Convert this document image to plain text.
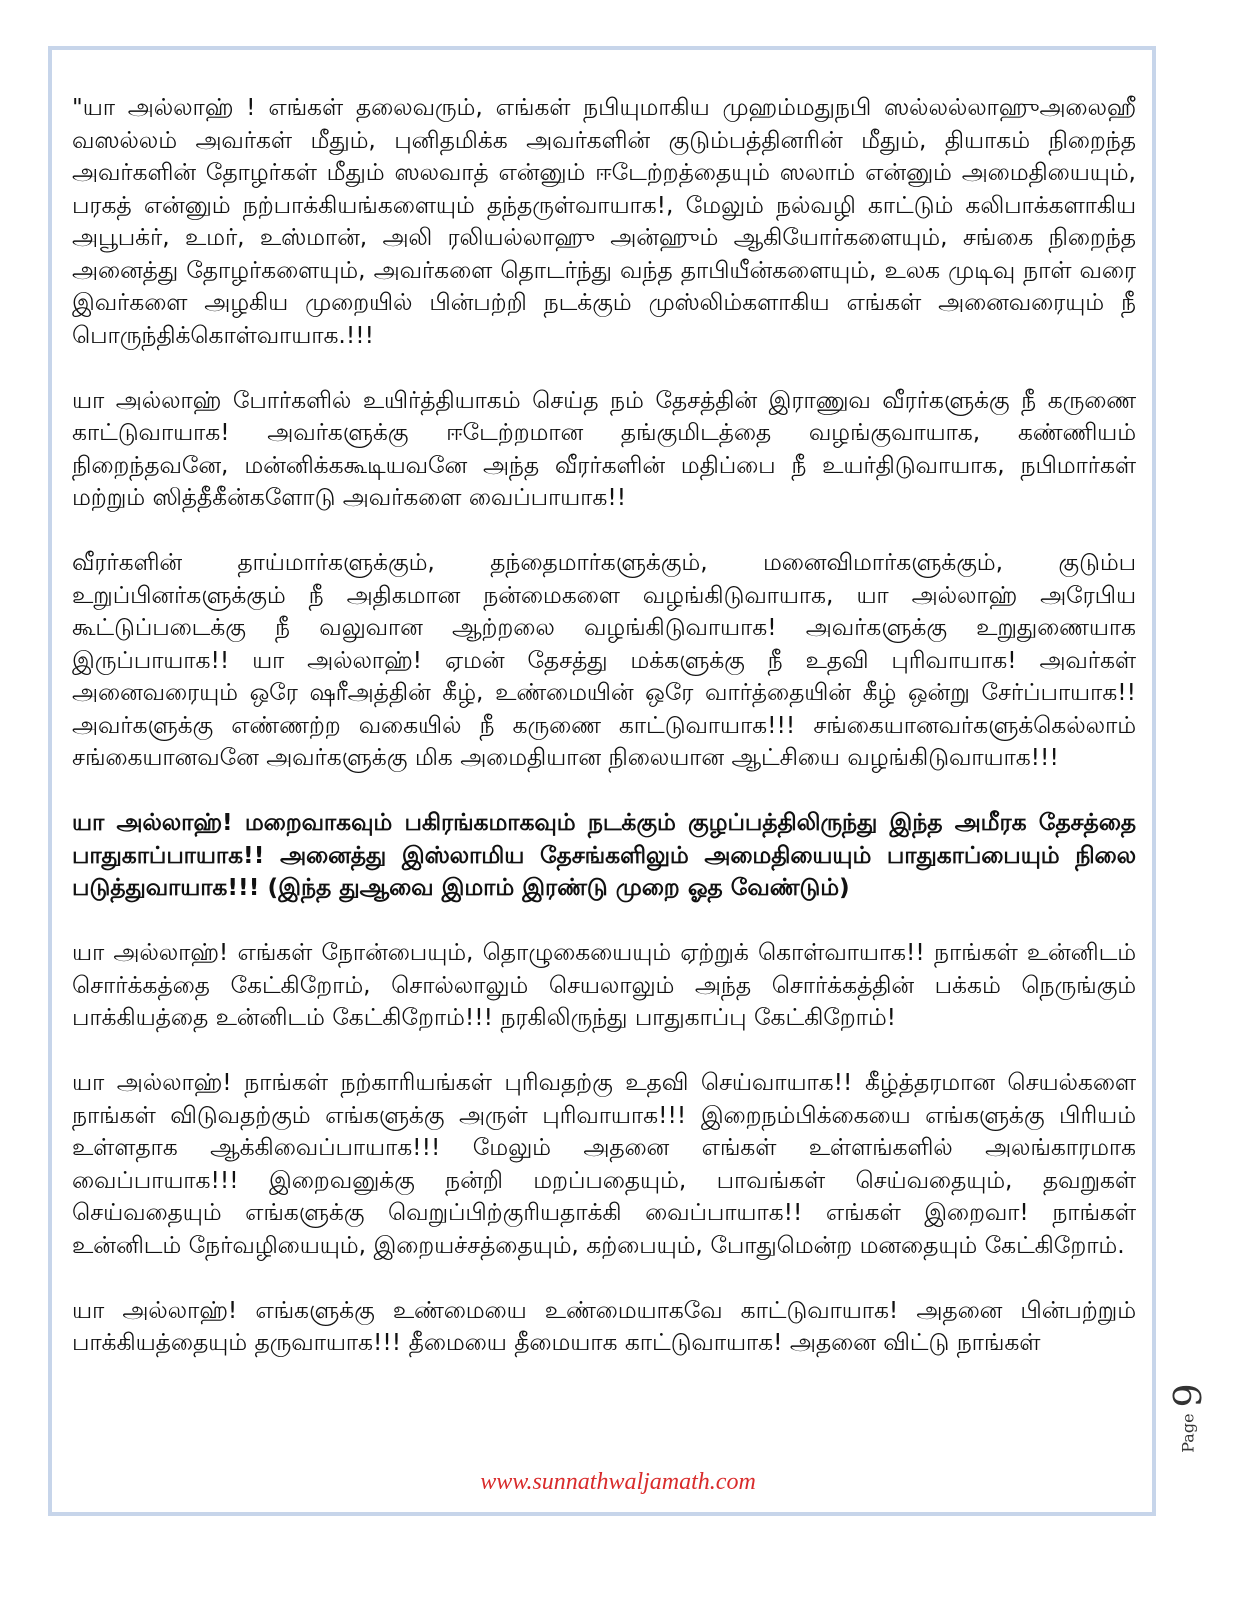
"யா அல்லாஹ் ! எங்கள் தலைவரும், எங்கள் நபியுமாகிய முஹம்மதுநபி ஸல்லல்லாஹுஅலைஹீ வஸல்லம் அவர்கள் மீதும், புனிதமிக்க அவர்களின் குடும்பத்தினரின் மீதும், தியாகம் நிறைந்த அவர்களின் தோழர்கள் மீதும் ஸலவாத் என்னும் ஈடேற்றத்தையும் ஸலாம் என்னும் அமைதியையும், பரகத் என்னும் நற்பாக்கியங்களையும் தந்தருள்வாயாக!, மேலும் நல்வழி காட்டும் கலிபாக்களாகிய அபூபக்ர், உமர், உஸ்மான், அலி ரலியல்லாஹு அன்ஹும் ஆகியோர்களையும், சங்கை நிறைந்த அனைத்து தோழர்களையும், அவர்களை தொடர்ந்து வந்த தாபியீன்களையும், உலக முடிவு நாள் வரை இவர்களை அழகிய முறையில் பின்பற்றி நடக்கும் முஸ்லிம்களாகிய எங்கள் அனைவரையும் நீ பொருந்திக்கொள்வாயாக.!!!

யா அல்லாஹ் போர்களில் உயிர்த்தியாகம் செய்த நம் தேசத்தின் இராணுவ வீரர்களுக்கு நீ கருணை காட்டுவாயாக! அவர்களுக்கு ஈடேற்றமான தங்குமிடத்தை வழங்குவாயாக, கண்ணியம் நிறைந்தவனே, மன்னிக்ககூடியவனே அந்த வீரர்களின் மதிப்பை நீ உயர்திடுவாயாக, நபிமார்கள் மற்றும் ஸித்தீகீன்களோடு அவர்களை வைப்பாயாக!!

வீரர்களின் தாய்மார்களுக்கும், தந்தைமார்களுக்கும், மனைவிமார்களுக்கும், குடும்ப உறுப்பினர்களுக்கும் நீ அதிகமான நன்மைகளை வழங்கிடுவாயாக, யா அல்லாஹ் அரேபிய கூட்டுப்படைக்கு நீ வலுவான ஆற்றலை வழங்கிடுவாயாக! அவர்களுக்கு உறுதுணையாக இருப்பாயாக!! யா அல்லாஹ்! ஏமன் தேசத்து மக்களுக்கு நீ உதவி புரிவாயாக! அவர்கள் அனைவரையும் ஒரே ஷரீஅத்தின் கீழ், உண்மையின் ஒரே வார்த்தையின் கீழ் ஒன்று சேர்ப்பாயாக!! அவர்களுக்கு எண்ணற்ற வகையில் நீ கருணை காட்டுவாயாக!!! சங்கையானவர்களுக்கெல்லாம் சங்கையானவனே அவர்களுக்கு மிக அமைதியான நிலையான ஆட்சியை வழங்கிடுவாயாக!!!

யா அல்லாஹ்! மறைவாகவும் பகிரங்கமாகவும் நடக்கும் குழப்பத்திலிருந்து இந்த அமீரக தேசத்தை பாதுகாப்பாயாக!! அனைத்து இஸ்லாமிய தேசங்களிலும் அமைதியையும் பாதுகாப்பையும் நிலை படுத்துவாயாக!!! (இந்த துஆவை இமாம் இரண்டு முறை ஓத வேண்டும்)

யா அல்லாஹ்! எங்கள் நோன்பையும், தொழுகையையும் ஏற்றுக் கொள்வாயாக!! நாங்கள் உன்னிடம் சொர்க்கத்தை கேட்கிறோம், சொல்லாலும் செயலாலும் அந்த சொர்க்கத்தின் பக்கம் நெருங்கும் பாக்கியத்தை உன்னிடம் கேட்கிறோம்!!! நரகிலிருந்து பாதுகாப்பு கேட்கிறோம்!

யா அல்லாஹ்! நாங்கள் நற்காரியங்கள் புரிவதற்கு உதவி செய்வாயாக!! கீழ்த்தரமான செயல்களை நாங்கள் விடுவதற்கும் எங்களுக்கு அருள் புரிவாயாக!!! இறைநம்பிக்கையை எங்களுக்கு பிரியம் உள்ளதாக ஆக்கிவைப்பாயாக!!! மேலும் அதனை எங்கள் உள்ளங்களில் அலங்காரமாக வைப்பாயாக!!! இறைவனுக்கு நன்றி மறப்பதையும், பாவங்கள் செய்வதையும், தவறுகள் செய்வதையும் எங்களுக்கு வெறுப்பிற்குரியதாக்கி வைப்பாயாக!! எங்கள் இறைவா! நாங்கள் உன்னிடம் நேர்வழியையும், இறையச்சத்தையும், கற்பையும், போதுமென்ற மனதையும் கேட்கிறோம்.

யா அல்லாஹ்! எங்களுக்கு உண்மையை உண்மையாகவே காட்டுவாயாக! அதனை பின்பற்றும் பாக்கியத்தையும் தருவாயாக!!! தீமையை தீமையாக காட்டுவாயாக! அதனை விட்டு நாங்கள்

Page9
www.sunnathwaljamath.com
